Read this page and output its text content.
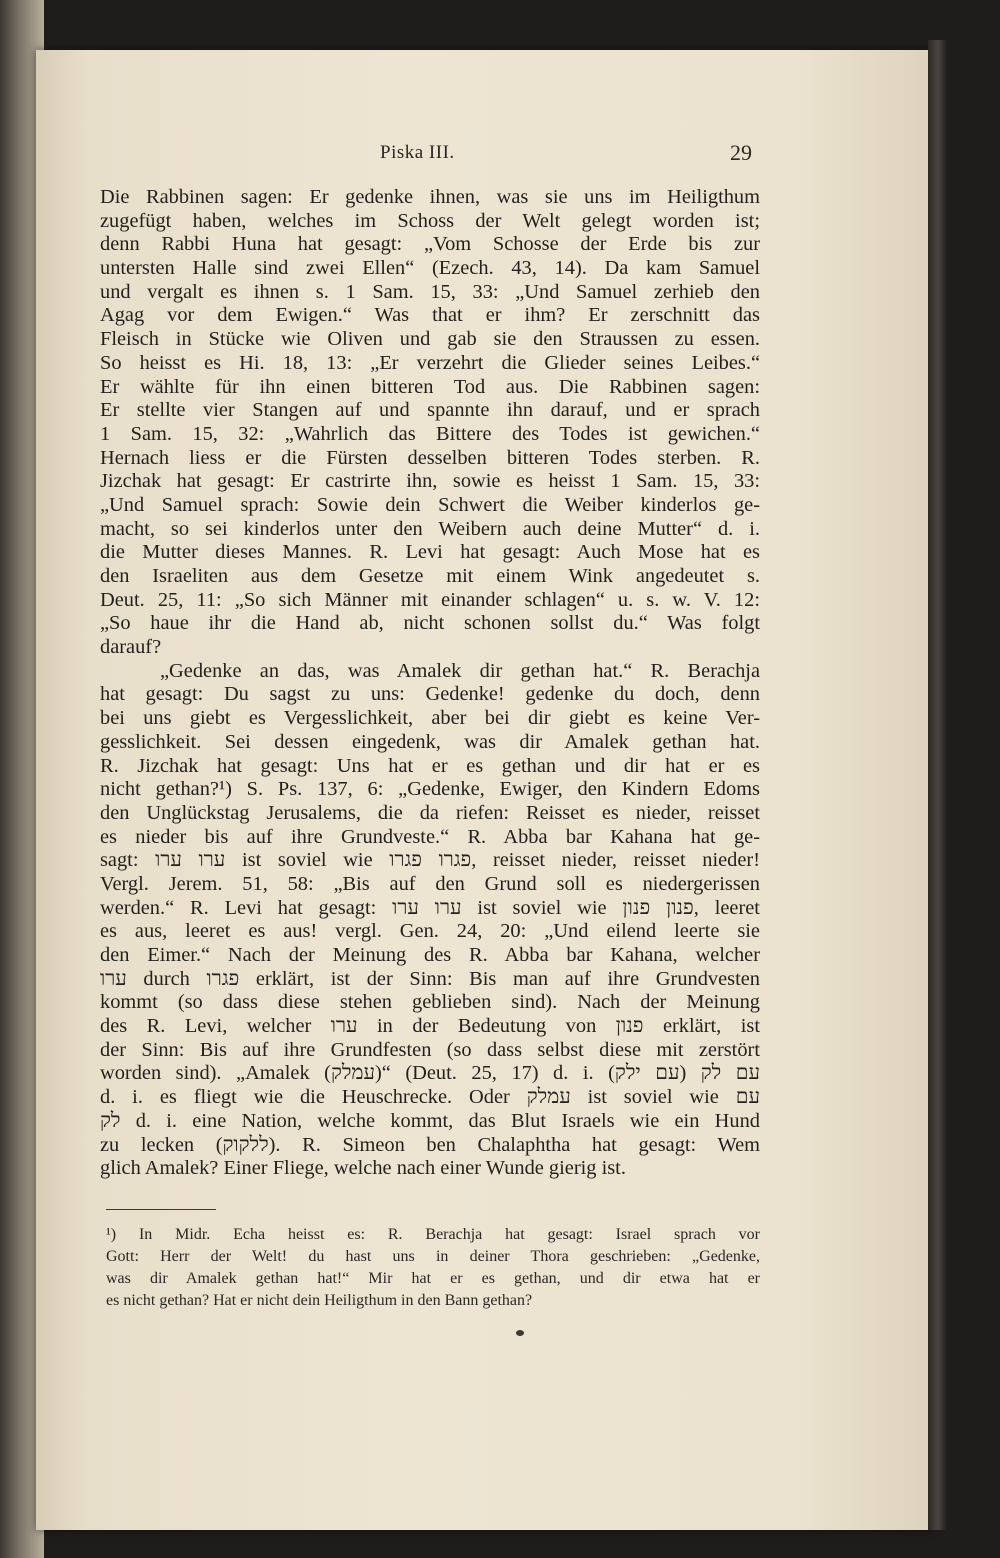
Piska III.	29
Die Rabbinen sagen: Er gedenke ihnen, was sie uns im Heiligthum
zugefügt haben, welches im Schoss der Welt gelegt worden ist;
denn Rabbi Huna hat gesagt: „Vom Schosse der Erde bis zur
untersten Halle sind zwei Ellen“ (Ezech. 43, 14). Da kam Samuel
und vergalt es ihnen s. 1 Sam. 15, 33: „Und Samuel zerhieb den
Agag vor dem Ewigen.“ Was that er ihm? Er zerschnitt das
Fleisch in Stücke wie Oliven und gab sie den Straussen zu essen.
So heisst es Hi. 18, 13: „Er verzehrt die Glieder seines Leibes.“
Er wählte für ihn einen bitteren Tod aus. Die Rabbinen sagen:
Er stellte vier Stangen auf und spannte ihn darauf, und er sprach
1 Sam. 15, 32: „Wahrlich das Bittere des Todes ist gewichen.“
Hernach liess er die Fürsten desselben bitteren Todes sterben. R.
Jizchak hat gesagt: Er castrirte ihn, sowie es heisst 1 Sam. 15, 33:
„Und Samuel sprach: Sowie dein Schwert die Weiber kinderlos ge-
macht, so sei kinderlos unter den Weibern auch deine Mutter“ d. i.
die Mutter dieses Mannes. R. Levi hat gesagt: Auch Mose hat es
den Israeliten aus dem Gesetze mit einem Wink angedeutet s.
Deut. 25, 11: „So sich Männer mit einander schlagen“ u. s. w. V. 12:
„So haue ihr die Hand ab, nicht schonen sollst du.“ Was folgt
darauf?
„Gedenke an das, was Amalek dir gethan hat.“ R. Berachja
hat gesagt: Du sagst zu uns: Gedenke! gedenke du doch, denn
bei uns giebt es Vergesslichkeit, aber bei dir giebt es keine Ver-
gesslichkeit. Sei dessen eingedenk, was dir Amalek gethan hat.
R. Jizchak hat gesagt: Uns hat er es gethan und dir hat er es
nicht gethan?¹) S. Ps. 137, 6: „Gedenke, Ewiger, den Kindern Edoms
den Unglückstag Jerusalems, die da riefen: Reisset es nieder, reisset
es nieder bis auf ihre Grundveste.“ R. Abba bar Kahana hat ge-
sagt: ערו ערו ist soviel wie פגרו פגרו, reisset nieder, reisset nieder!
Vergl. Jerem. 51, 58: „Bis auf den Grund soll es niedergerissen
werden.“ R. Levi hat gesagt: ערו ערו ist soviel wie פנון פנון, leeret
es aus, leeret es aus! vergl. Gen. 24, 20: „Und eilend leerte sie
den Eimer.“ Nach der Meinung des R. Abba bar Kahana, welcher
ערו durch פגרו erklärt, ist der Sinn: Bis man auf ihre Grundvesten
kommt (so dass diese stehen geblieben sind). Nach der Meinung
des R. Levi, welcher ערו in der Bedeutung von פנון erklärt, ist
der Sinn: Bis auf ihre Grundfesten (so dass selbst diese mit zerstört
worden sind). „Amalek (עמלק)“ (Deut. 25, 17) d. i. עם לק (עם ילק)
d. i. es fliegt wie die Heuschrecke. Oder עמלק ist soviel wie עם
לק d. i. eine Nation, welche kommt, das Blut Israels wie ein Hund
zu lecken (ללקוק). R. Simeon ben Chalaphtha hat gesagt: Wem
glich Amalek? Einer Fliege, welche nach einer Wunde gierig ist.
¹) In Midr. Echa heisst es: R. Berachja hat gesagt: Israel sprach vor
Gott: Herr der Welt! du hast uns in deiner Thora geschrieben: „Gedenke,
was dir Amalek gethan hat!“ Mir hat er es gethan, und dir etwa hat er
es nicht gethan? Hat er nicht dein Heiligthum in den Bann gethan?
